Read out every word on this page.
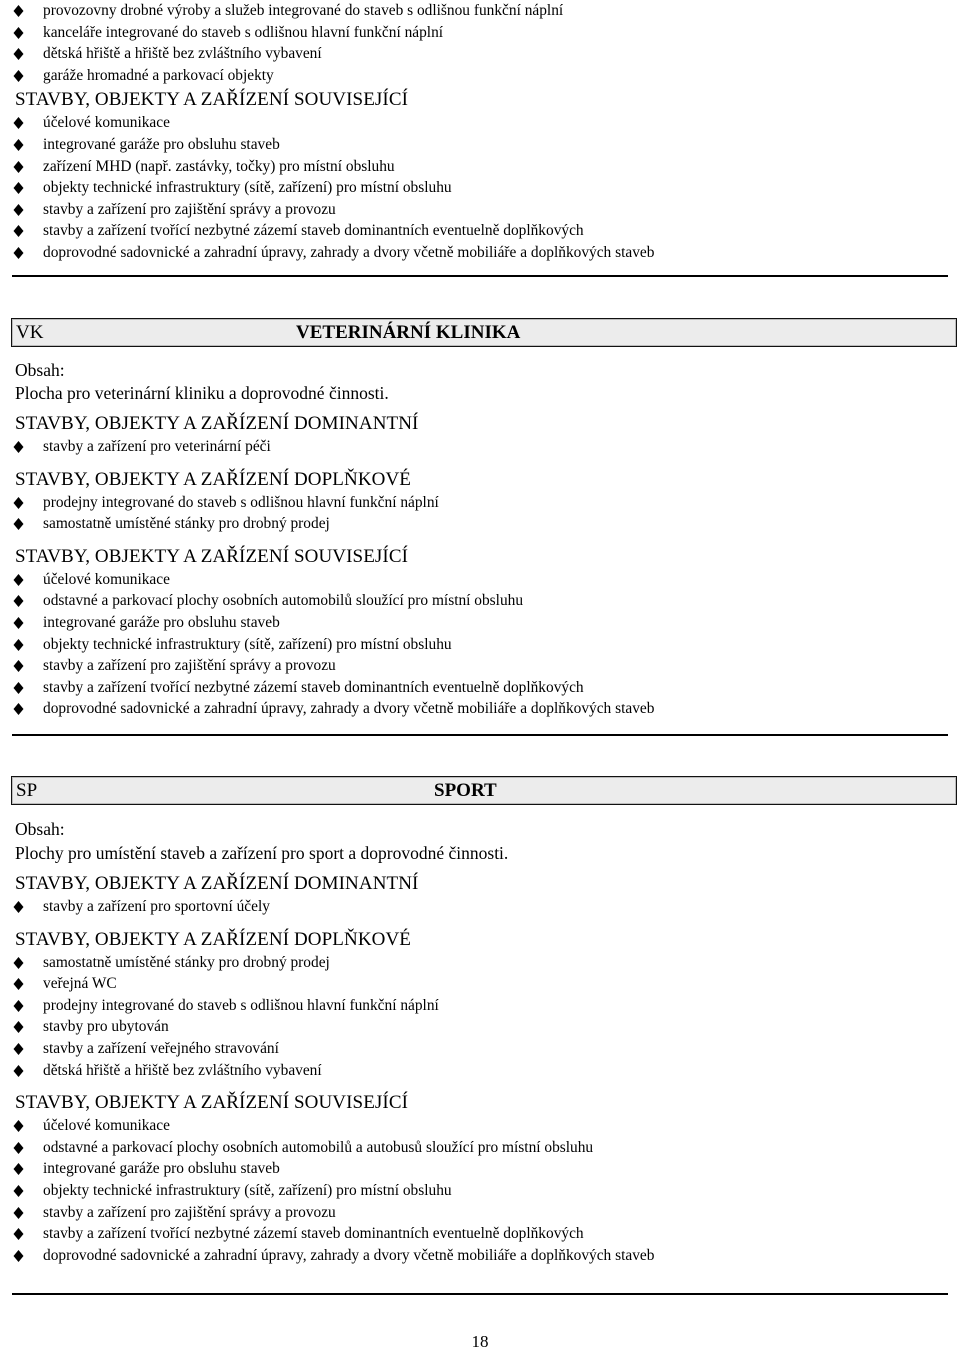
provozovny drobné výroby a služeb integrované do staveb s odlišnou funkční náplní
kanceláře integrované do staveb s odlišnou hlavní funkční náplní
dětská hřiště a hřiště bez zvláštního vybavení
garáže hromadné a parkovací objekty
STAVBY, OBJEKTY A ZAŘÍZENÍ SOUVISEJÍCÍ
účelové komunikace
integrované garáže pro obsluhu staveb
zařízení MHD (např. zastávky, točky) pro místní obsluhu
objekty technické infrastruktury (sítě, zařízení) pro místní obsluhu
stavby a zařízení pro zajištění správy a provozu
stavby a zařízení tvořící nezbytné zázemí staveb dominantních eventuelně doplňkových
doprovodné sadovnické a zahradní úpravy, zahrady a dvory včetně mobiliáře a doplňkových staveb
VK	VETERINÁRNÍ KLINIKA
Obsah:
Plocha pro veterinární kliniku a doprovodné činnosti.
STAVBY, OBJEKTY A ZAŘÍZENÍ DOMINANTNÍ
stavby a zařízení pro veterinární péči
STAVBY, OBJEKTY A ZAŘÍZENÍ DOPLŇKOVÉ
prodejny integrované do staveb s odlišnou hlavní funkční náplní
samostatně umístěné stánky pro drobný prodej
STAVBY, OBJEKTY A ZAŘÍZENÍ SOUVISEJÍCÍ
účelové komunikace
odstavné a parkovací plochy osobních automobilů sloužící pro místní obsluhu
integrované garáže pro obsluhu staveb
objekty technické infrastruktury (sítě, zařízení) pro místní obsluhu
stavby a zařízení pro zajištění správy a provozu
stavby a zařízení tvořící nezbytné zázemí staveb dominantních eventuelně doplňkových
doprovodné sadovnické a zahradní úpravy, zahrady a dvory včetně mobiliáře a doplňkových staveb
SP	SPORT
Obsah:
Plochy pro umístění staveb a zařízení pro sport a doprovodné činnosti.
STAVBY, OBJEKTY A ZAŘÍZENÍ DOMINANTNÍ
stavby a zařízení pro sportovní účely
STAVBY, OBJEKTY A ZAŘÍZENÍ DOPLŇKOVÉ
samostatně umístěné stánky pro drobný prodej
veřejná WC
prodejny integrované do staveb s odlišnou hlavní funkční náplní
stavby pro ubytován
stavby a zařízení veřejného stravování
dětská hřiště a hřiště bez zvláštního vybavení
STAVBY, OBJEKTY A ZAŘÍZENÍ SOUVISEJÍCÍ
účelové komunikace
odstavné a parkovací plochy osobních automobilů a autobusů sloužící pro místní obsluhu
integrované garáže pro obsluhu staveb
objekty technické infrastruktury (sítě, zařízení) pro místní obsluhu
stavby a zařízení pro zajištění správy a provozu
stavby a zařízení tvořící nezbytné zázemí staveb dominantních eventuelně doplňkových
doprovodné sadovnické a zahradní úpravy, zahrady a dvory včetně mobiliáře a doplňkových staveb
18
